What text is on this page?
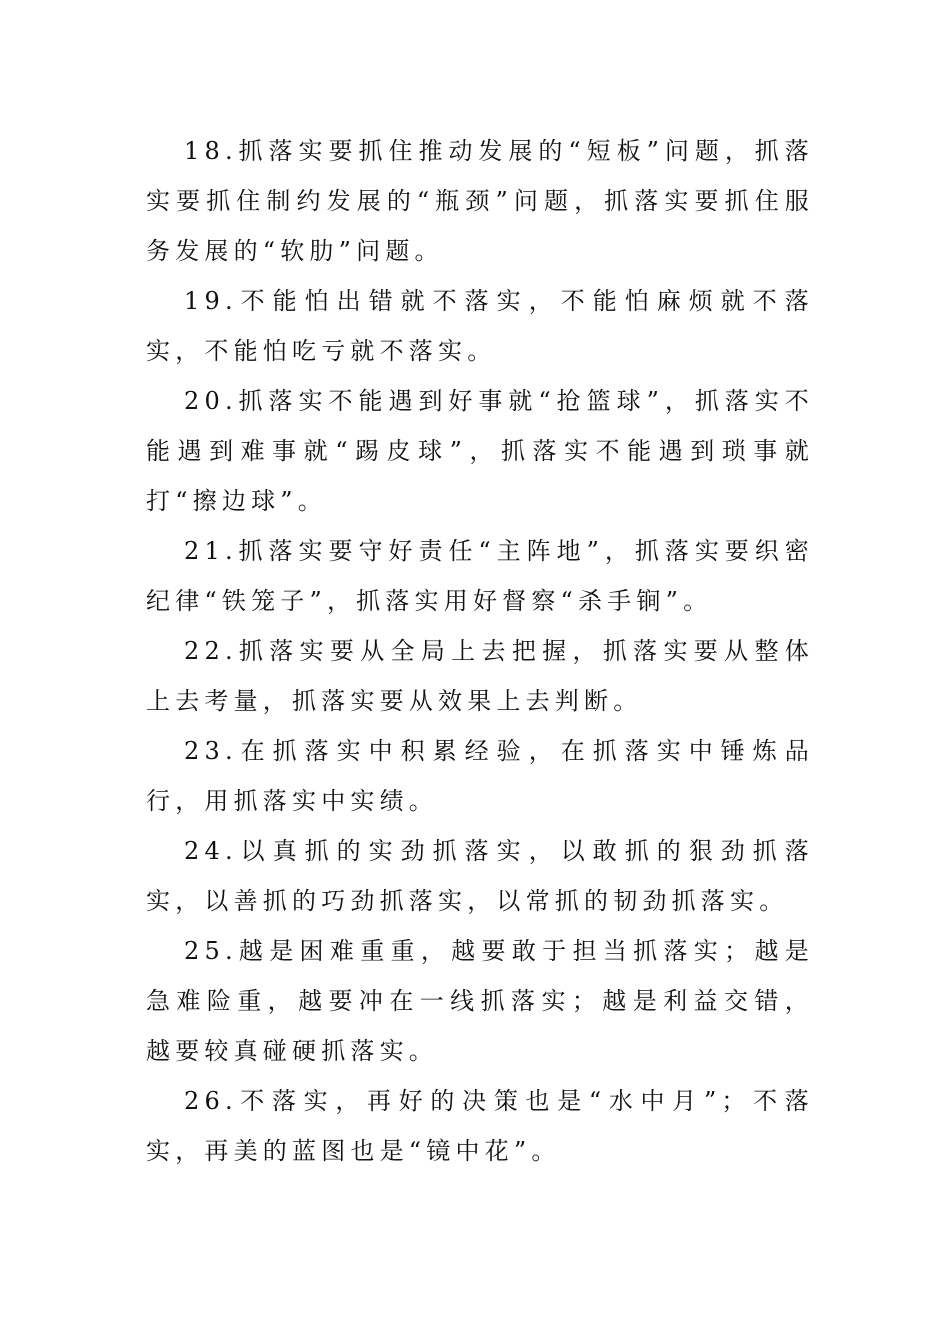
18.抓落实要抓住推动发展的“短板”问题，抓落实要抓住制约发展的“瓶颈”问题，抓落实要抓住服务发展的“软肋”问题。

19.不能怕出错就不落实，不能怕麻烦就不落实，不能怕吃亏就不落实。

20.抓落实不能遇到好事就“抢篮球”，抓落实不能遇到难事就“踢皮球”，抓落实不能遇到琐事就打“擦边球”。

21.抓落实要守好责任“主阵地”，抓落实要织密纪律“铁笼子”，抓落实用好督察“杀手锏”。

22.抓落实要从全局上去把握，抓落实要从整体上去考量，抓落实要从效果上去判断。

23.在抓落实中积累经验，在抓落实中锤炼品行，用抓落实中实绩。

24.以真抓的实劲抓落实，以敢抓的狠劲抓落实，以善抓的巧劲抓落实，以常抓的韧劲抓落实。

25.越是困难重重，越要敢于担当抓落实；越是急难险重，越要冲在一线抓落实；越是利益交错，越要较真碰硬抓落实。

26.不落实，再好的决策也是“水中月”；不落实，再美的蓝图也是“镜中花”。
